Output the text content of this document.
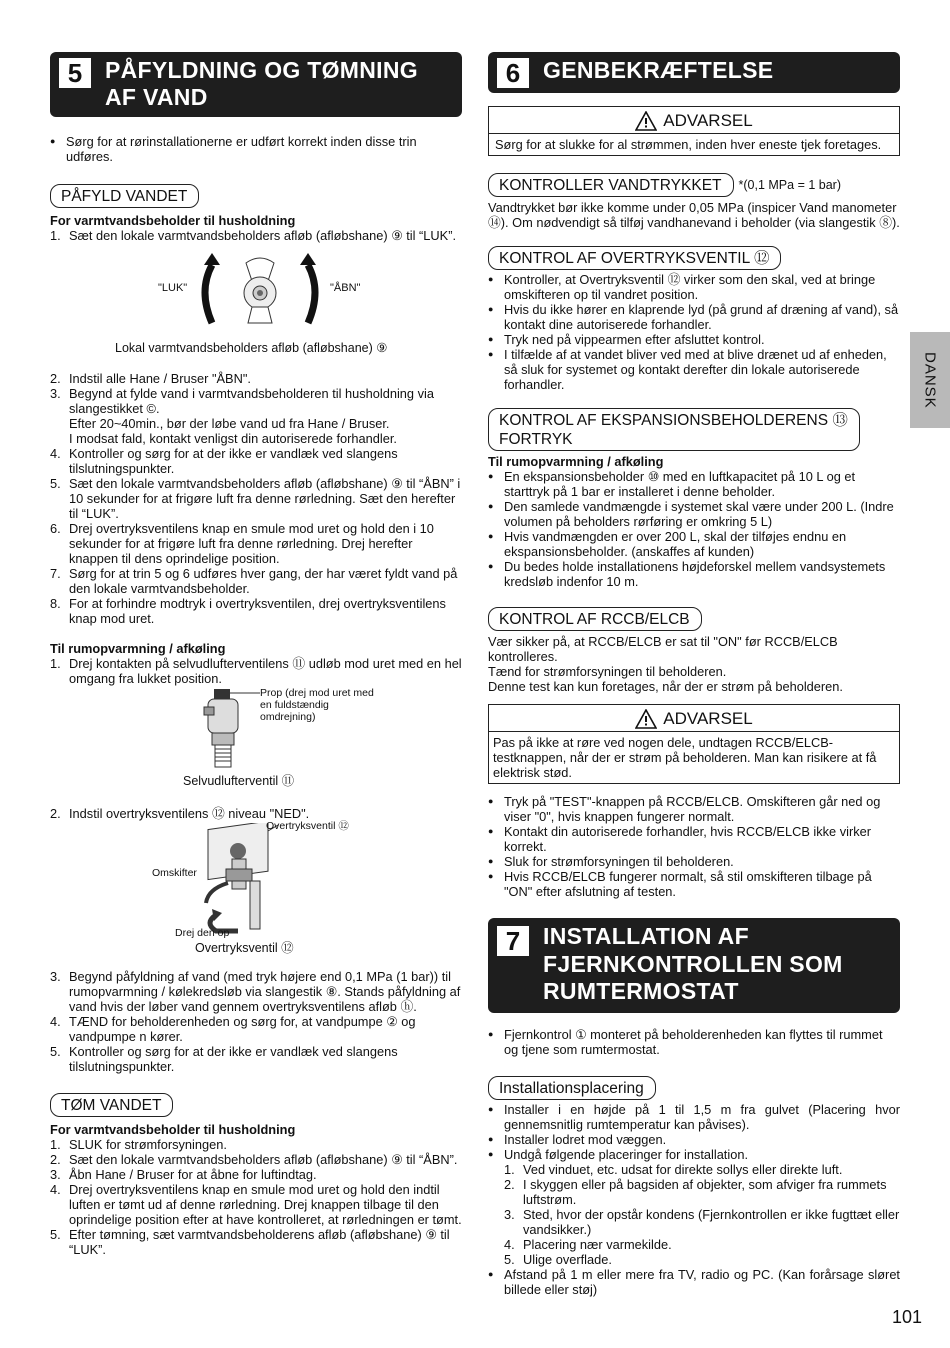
5 PÅFYLDNING OG TØMNING AF VAND
● Sørg for at rørinstallationerne er udført korrekt inden disse trin udføres.
PÅFYLD VANDET
For varmtvandsbeholder til husholdning
1. Sæt den lokale varmtvandsbeholders afløb (afløbshane) ⑨ til “LUK”.
"LUK"	"ÅBN"
Lokal varmtvandsbeholders afløb (afløbshane) ⑨
2. Indstil alle Hane / Bruser "ÅBN".
3. Begynd at fylde vand i varmtvandsbeholderen til husholdning via slangestikket ©.
Efter 20~40min., bør der løbe vand ud fra Hane / Bruser.
I modsat fald, kontakt venligst din autoriserede forhandler.
4. Kontroller og sørg for at der ikke er vandlæk ved slangens tilslutningspunkter.
5. Sæt den lokale varmtvandsbeholders afløb (afløbshane) ⑨ til “ÅBN” i 10 sekunder for at frigøre luft fra denne rørledning. Sæt den herefter til “LUK”.
6. Drej overtryksventilens knap en smule mod uret og hold den i 10 sekunder for at frigøre luft fra denne rørledning. Drej herefter knappen til dens oprindelige position.
7. Sørg for at trin 5 og 6 udføres hver gang, der har været fyldt vand på den lokale varmtvandsbeholder.
8. For at forhindre modtryk i overtryksventilen, drej overtryksventilens knap mod uret.
Til rumopvarmning / afkøling
1. Drej kontakten på selvudlufterventilens ⑪ udløb mod uret med en hel omgang fra lukket position.
Prop (drej mod uret med en fuldstændig omdrejning)
Selvudlufterventil ⑪
2. Indstil overtryksventilens ⑫ niveau "NED".
Overtryksventil ⑫
Omskifter
Drej den op
Overtryksventil ⑫
3. Begynd påfyldning af vand (med tryk højere end 0,1 MPa (1 bar)) til rumopvarmning / kølekredsløb via slangestik ⑧. Stands påfyldning af vand hvis der løber vand gennem overtryksventilens afløb ⓗ.
4. TÆND for beholderenheden og sørg for, at vandpumpe ② og vandpumpe n kører.
5. Kontroller og sørg for at der ikke er vandlæk ved slangens tilslutningspunkter.
TØM VANDET
For varmtvandsbeholder til husholdning
1. SLUK for strømforsyningen.
2. Sæt den lokale varmtvandsbeholders afløb (afløbshane) ⑨ til “ÅBN”.
3. Åbn Hane / Bruser for at åbne for luftindtag.
4. Drej overtryksventilens knap en smule mod uret og hold den indtil luften er tømt ud af denne rørledning. Drej knappen tilbage til den oprindelige position efter at have kontrolleret, at rørledningen er tømt.
5. Efter tømning, sæt varmtvandsbeholderens afløb (afløbshane) ⑨ til “LUK”.
6 GENBEKRÆFTELSE
ADVARSEL
Sørg for at slukke for al strømmen, inden hver eneste tjek foretages.
KONTROLLER VANDTRYKKET	*(0,1 MPa = 1 bar)
Vandtrykket bør ikke komme under 0,05 MPa (inspicer Vand manometer ⑭). Om nødvendigt så tilføj vandhanevand i beholder (via slangestik ⑧).
KONTROL AF OVERTRYKSVENTIL ⑫
● Kontroller, at Overtryksventil ⑫ virker som den skal, ved at bringe omskifteren op til vandret position.
● Hvis du ikke hører en klaprende lyd (på grund af dræning af vand), så kontakt dine autoriserede forhandler.
● Tryk ned på vippearmen efter afsluttet kontrol.
● I tilfælde af at vandet bliver ved med at blive drænet ud af enheden, så sluk for systemet og kontakt derefter din lokale autoriserede forhandler.
KONTROL AF EKSPANSIONSBEHOLDERENS ⑬ FORTRYK
Til rumopvarmning / afkøling
● En ekspansionsbeholder ⑩ med en luftkapacitet på 10 L og et starttryk på 1 bar er installeret i denne beholder.
● Den samlede vandmængde i systemet skal være under 200 L. (Indre volumen på beholders rørføring er omkring 5 L)
● Hvis vandmængden er over 200 L, skal der tilføjes endnu en ekspansionsbeholder. (anskaffes af kunden)
● Du bedes holde installationens højdeforskel mellem vandsystemets kredsløb indenfor 10 m.
KONTROL AF RCCB/ELCB
Vær sikker på, at RCCB/ELCB er sat til "ON" før RCCB/ELCB kontrolleres.
Tænd for strømforsyningen til beholderen.
Denne test kan kun foretages, når der er strøm på beholderen.
ADVARSEL
Pas på ikke at røre ved nogen dele, undtagen RCCB/ELCB-testknappen, når der er strøm på beholderen. Man kan risikere at få elektrisk stød.
● Tryk på "TEST"-knappen på RCCB/ELCB. Omskifteren går ned og viser "0", hvis knappen fungerer normalt.
● Kontakt din autoriserede forhandler, hvis RCCB/ELCB ikke virker korrekt.
● Sluk for strømforsyningen til beholderen.
● Hvis RCCB/ELCB fungerer normalt, så stil omskifteren tilbage på "ON" efter afslutning af testen.
7 INSTALLATION AF FJERNKONTROLLEN SOM RUMTERMOSTAT
● Fjernkontrol ① monteret på beholderenheden kan flyttes til rummet og tjene som rumtermostat.
Installationsplacering
● Installer i en højde på 1 til 1,5 m fra gulvet (Placering hvor gennemsnitlig rumtemperatur kan påvises).
● Installer lodret mod væggen.
● Undgå følgende placeringer for installation.
1. Ved vinduet, etc. udsat for direkte sollys eller direkte luft.
2. I skyggen eller på bagsiden af objekter, som afviger fra rummets luftstrøm.
3. Sted, hvor der opstår kondens (Fjernkontrollen er ikke fugttæt eller vandsikker.)
4. Placering nær varmekilde.
5. Ulige overflade.
● Afstand på 1 m eller mere fra TV, radio og PC. (Kan forårsage sløret billede eller støj)
DANSK
101
